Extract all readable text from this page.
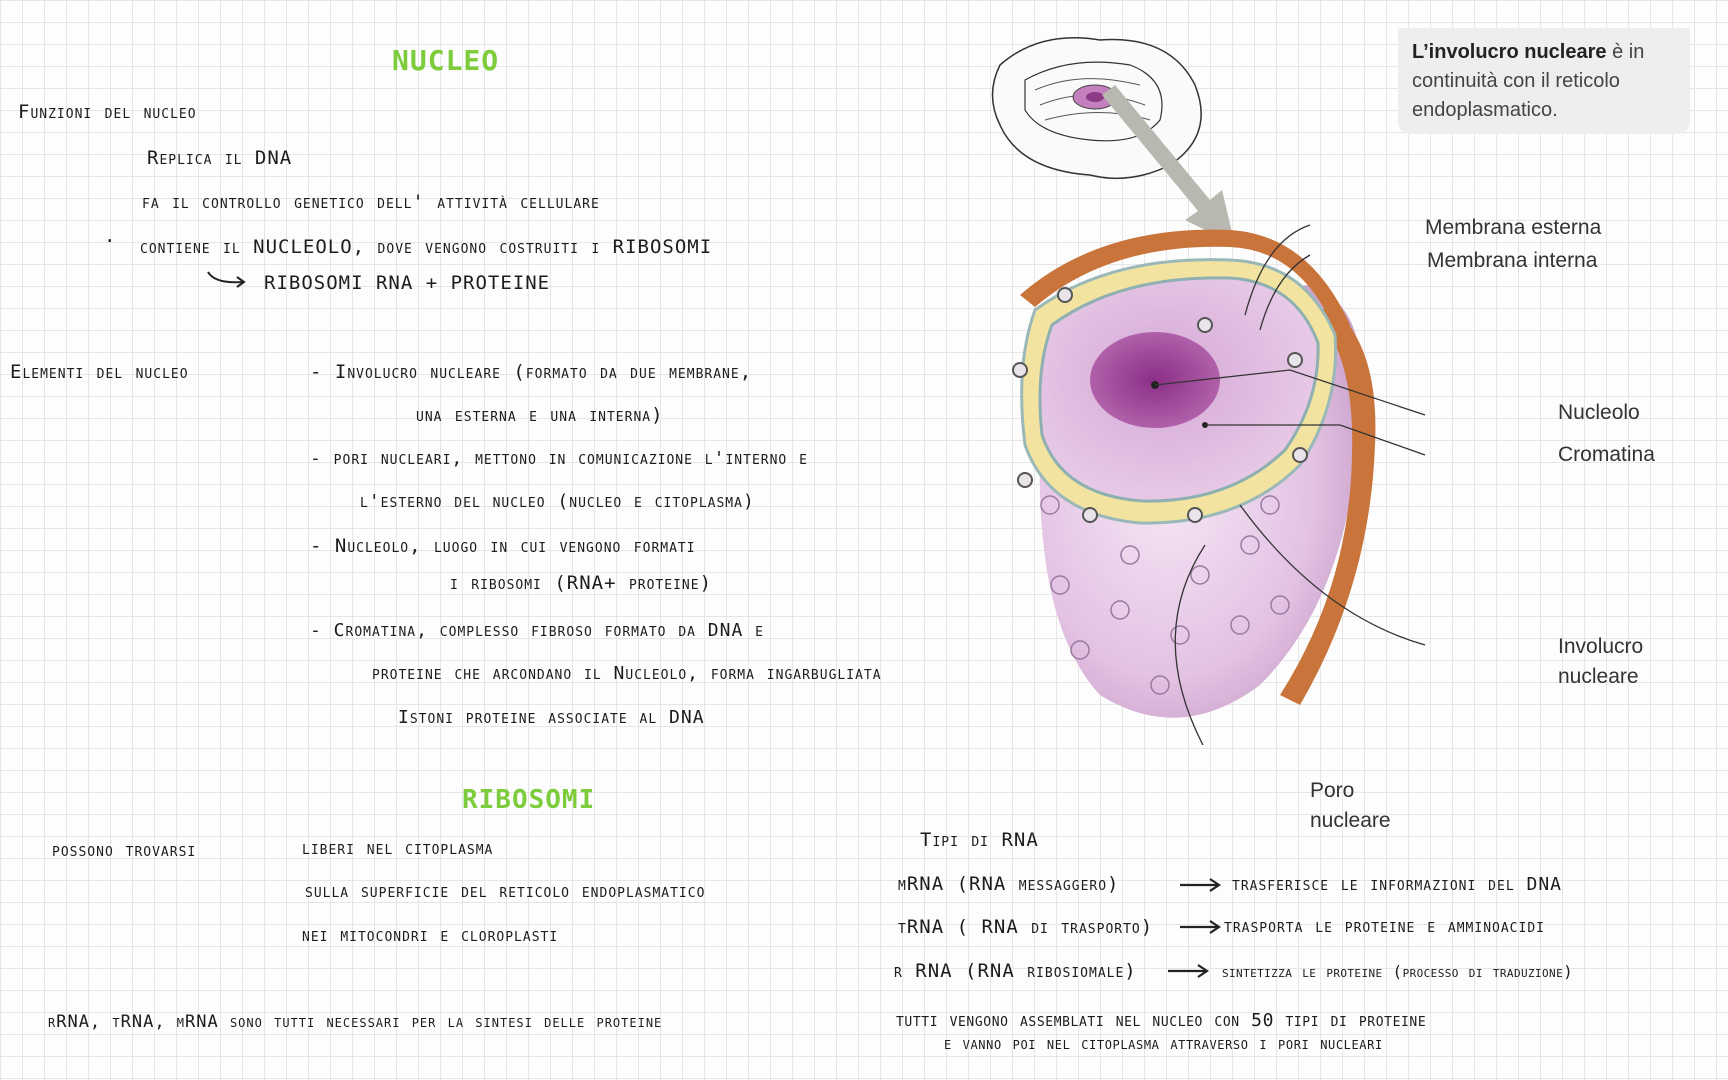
NUCLEO
Funzioni del nucleo
Replica il DNA
fa il controllo genetico dell' attività cellulare
· contiene il NUCLEOLO, dove vengono costruiti i RIBOSOMI
RIBOSOMI RNA + PROTEINE
Elementi del nucleo	- Involucro nucleare (formato da due membrane,
una esterna e una interna)
- pori nucleari, mettono in comunicazione l'interno e
l'esterno del nucleo (nucleo e citoplasma)
- Nucleolo, luogo in cui vengono formati
i ribosomi (RNA+ proteine)
- Cromatina, complesso fibroso formato da DNA e
proteine che arcondano il Nucleolo, forma ingarbugliata
Istoni proteine associate al DNA
L’involucro nucleare è in continuità con il reticolo endoplasmatico.
Membrana esterna
Membrana interna
Nucleolo
Cromatina
Involucro
nucleare
Poro
nucleare
RIBOSOMI
possono trovarsi	liberi nel citoplasma
sulla superficie del reticolo endoplasmatico
nei mitocondri e cloroplasti
rRNA, tRNA, mRNA sono tutti necessari per la sintesi delle proteine
Tipi di RNA
mRNA (RNA messaggero)	trasferisce le informazioni del DNA
tRNA ( RNA di trasporto)	trasporta le proteine e amminoacidi
r RNA (RNA ribosiomale)	sintetizza le proteine (processo di traduzione)
tutti vengono assemblati nel nucleo con 50 tipi di proteine
e vanno poi nel citoplasma attraverso i pori nucleari
